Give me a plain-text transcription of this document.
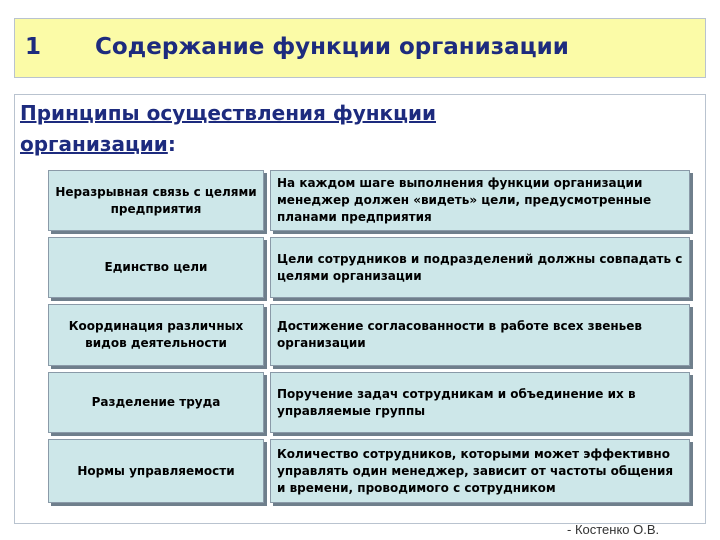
1 Содержание функции организации
Принципы осуществления функции организации:
Неразрывная связь с целями предприятия
На каждом шаге выполнения функции организации менеджер должен «видеть» цели, предусмотренные планами предприятия
Единство цели
Цели сотрудников и подразделений должны совпадать с целями организации
Координация различных видов деятельности
Достижение согласованности в работе всех звеньев организации
Разделение труда
Поручение задач сотрудникам и объединение их в управляемые группы
Нормы управляемости
Количество сотрудников, которыми может эффективно управлять один менеджер, зависит от частоты общения и времени, проводимого с сотрудником
- Костенко О.В.
